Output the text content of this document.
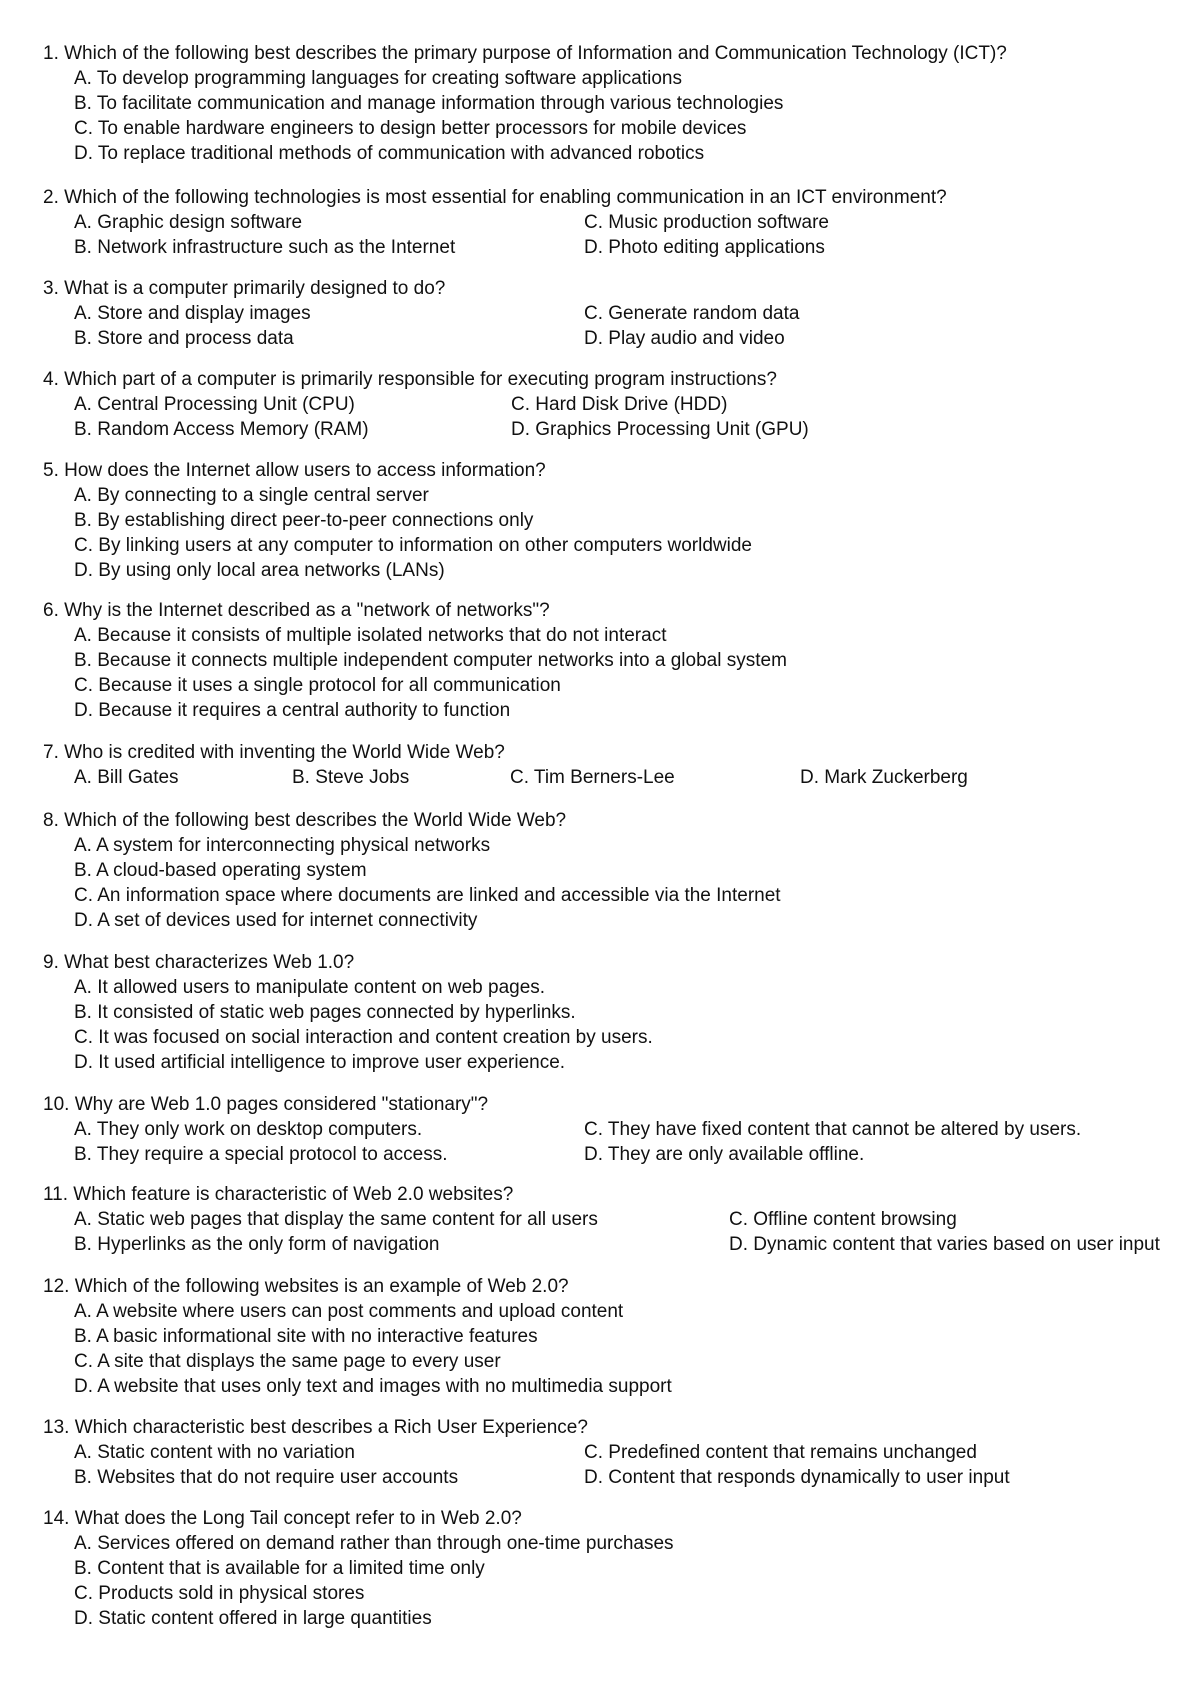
1. Which of the following best describes the primary purpose of Information and Communication Technology (ICT)?
A. To develop programming languages for creating software applications
B. To facilitate communication and manage information through various technologies
C. To enable hardware engineers to design better processors for mobile devices
D. To replace traditional methods of communication with advanced robotics
2. Which of the following technologies is most essential for enabling communication in an ICT environment?
A. Graphic design software
B. Network infrastructure such as the Internet
C. Music production software
D. Photo editing applications
3. What is a computer primarily designed to do?
A. Store and display images
B. Store and process data
C. Generate random data
D. Play audio and video
4. Which part of a computer is primarily responsible for executing program instructions?
A. Central Processing Unit (CPU)
B. Random Access Memory (RAM)
C. Hard Disk Drive (HDD)
D. Graphics Processing Unit (GPU)
5. How does the Internet allow users to access information?
A. By connecting to a single central server
B. By establishing direct peer-to-peer connections only
C. By linking users at any computer to information on other computers worldwide
D. By using only local area networks (LANs)
6. Why is the Internet described as a "network of networks"?
A. Because it consists of multiple isolated networks that do not interact
B. Because it connects multiple independent computer networks into a global system
C. Because it uses a single protocol for all communication
D. Because it requires a central authority to function
7. Who is credited with inventing the World Wide Web?
A. Bill Gates	B. Steve Jobs	C. Tim Berners-Lee	D. Mark Zuckerberg
8. Which of the following best describes the World Wide Web?
A. A system for interconnecting physical networks
B. A cloud-based operating system
C. An information space where documents are linked and accessible via the Internet
D. A set of devices used for internet connectivity
9. What best characterizes Web 1.0?
A. It allowed users to manipulate content on web pages.
B. It consisted of static web pages connected by hyperlinks.
C. It was focused on social interaction and content creation by users.
D. It used artificial intelligence to improve user experience.
10. Why are Web 1.0 pages considered "stationary"?
A. They only work on desktop computers.
B. They require a special protocol to access.
C. They have fixed content that cannot be altered by users.
D. They are only available offline.
11. Which feature is characteristic of Web 2.0 websites?
A. Static web pages that display the same content for all users
B. Hyperlinks as the only form of navigation
C. Offline content browsing
D. Dynamic content that varies based on user input
12. Which of the following websites is an example of Web 2.0?
A. A website where users can post comments and upload content
B. A basic informational site with no interactive features
C. A site that displays the same page to every user
D. A website that uses only text and images with no multimedia support
13. Which characteristic best describes a Rich User Experience?
A. Static content with no variation
B. Websites that do not require user accounts
C. Predefined content that remains unchanged
D. Content that responds dynamically to user input
14. What does the Long Tail concept refer to in Web 2.0?
A. Services offered on demand rather than through one-time purchases
B. Content that is available for a limited time only
C. Products sold in physical stores
D. Static content offered in large quantities
